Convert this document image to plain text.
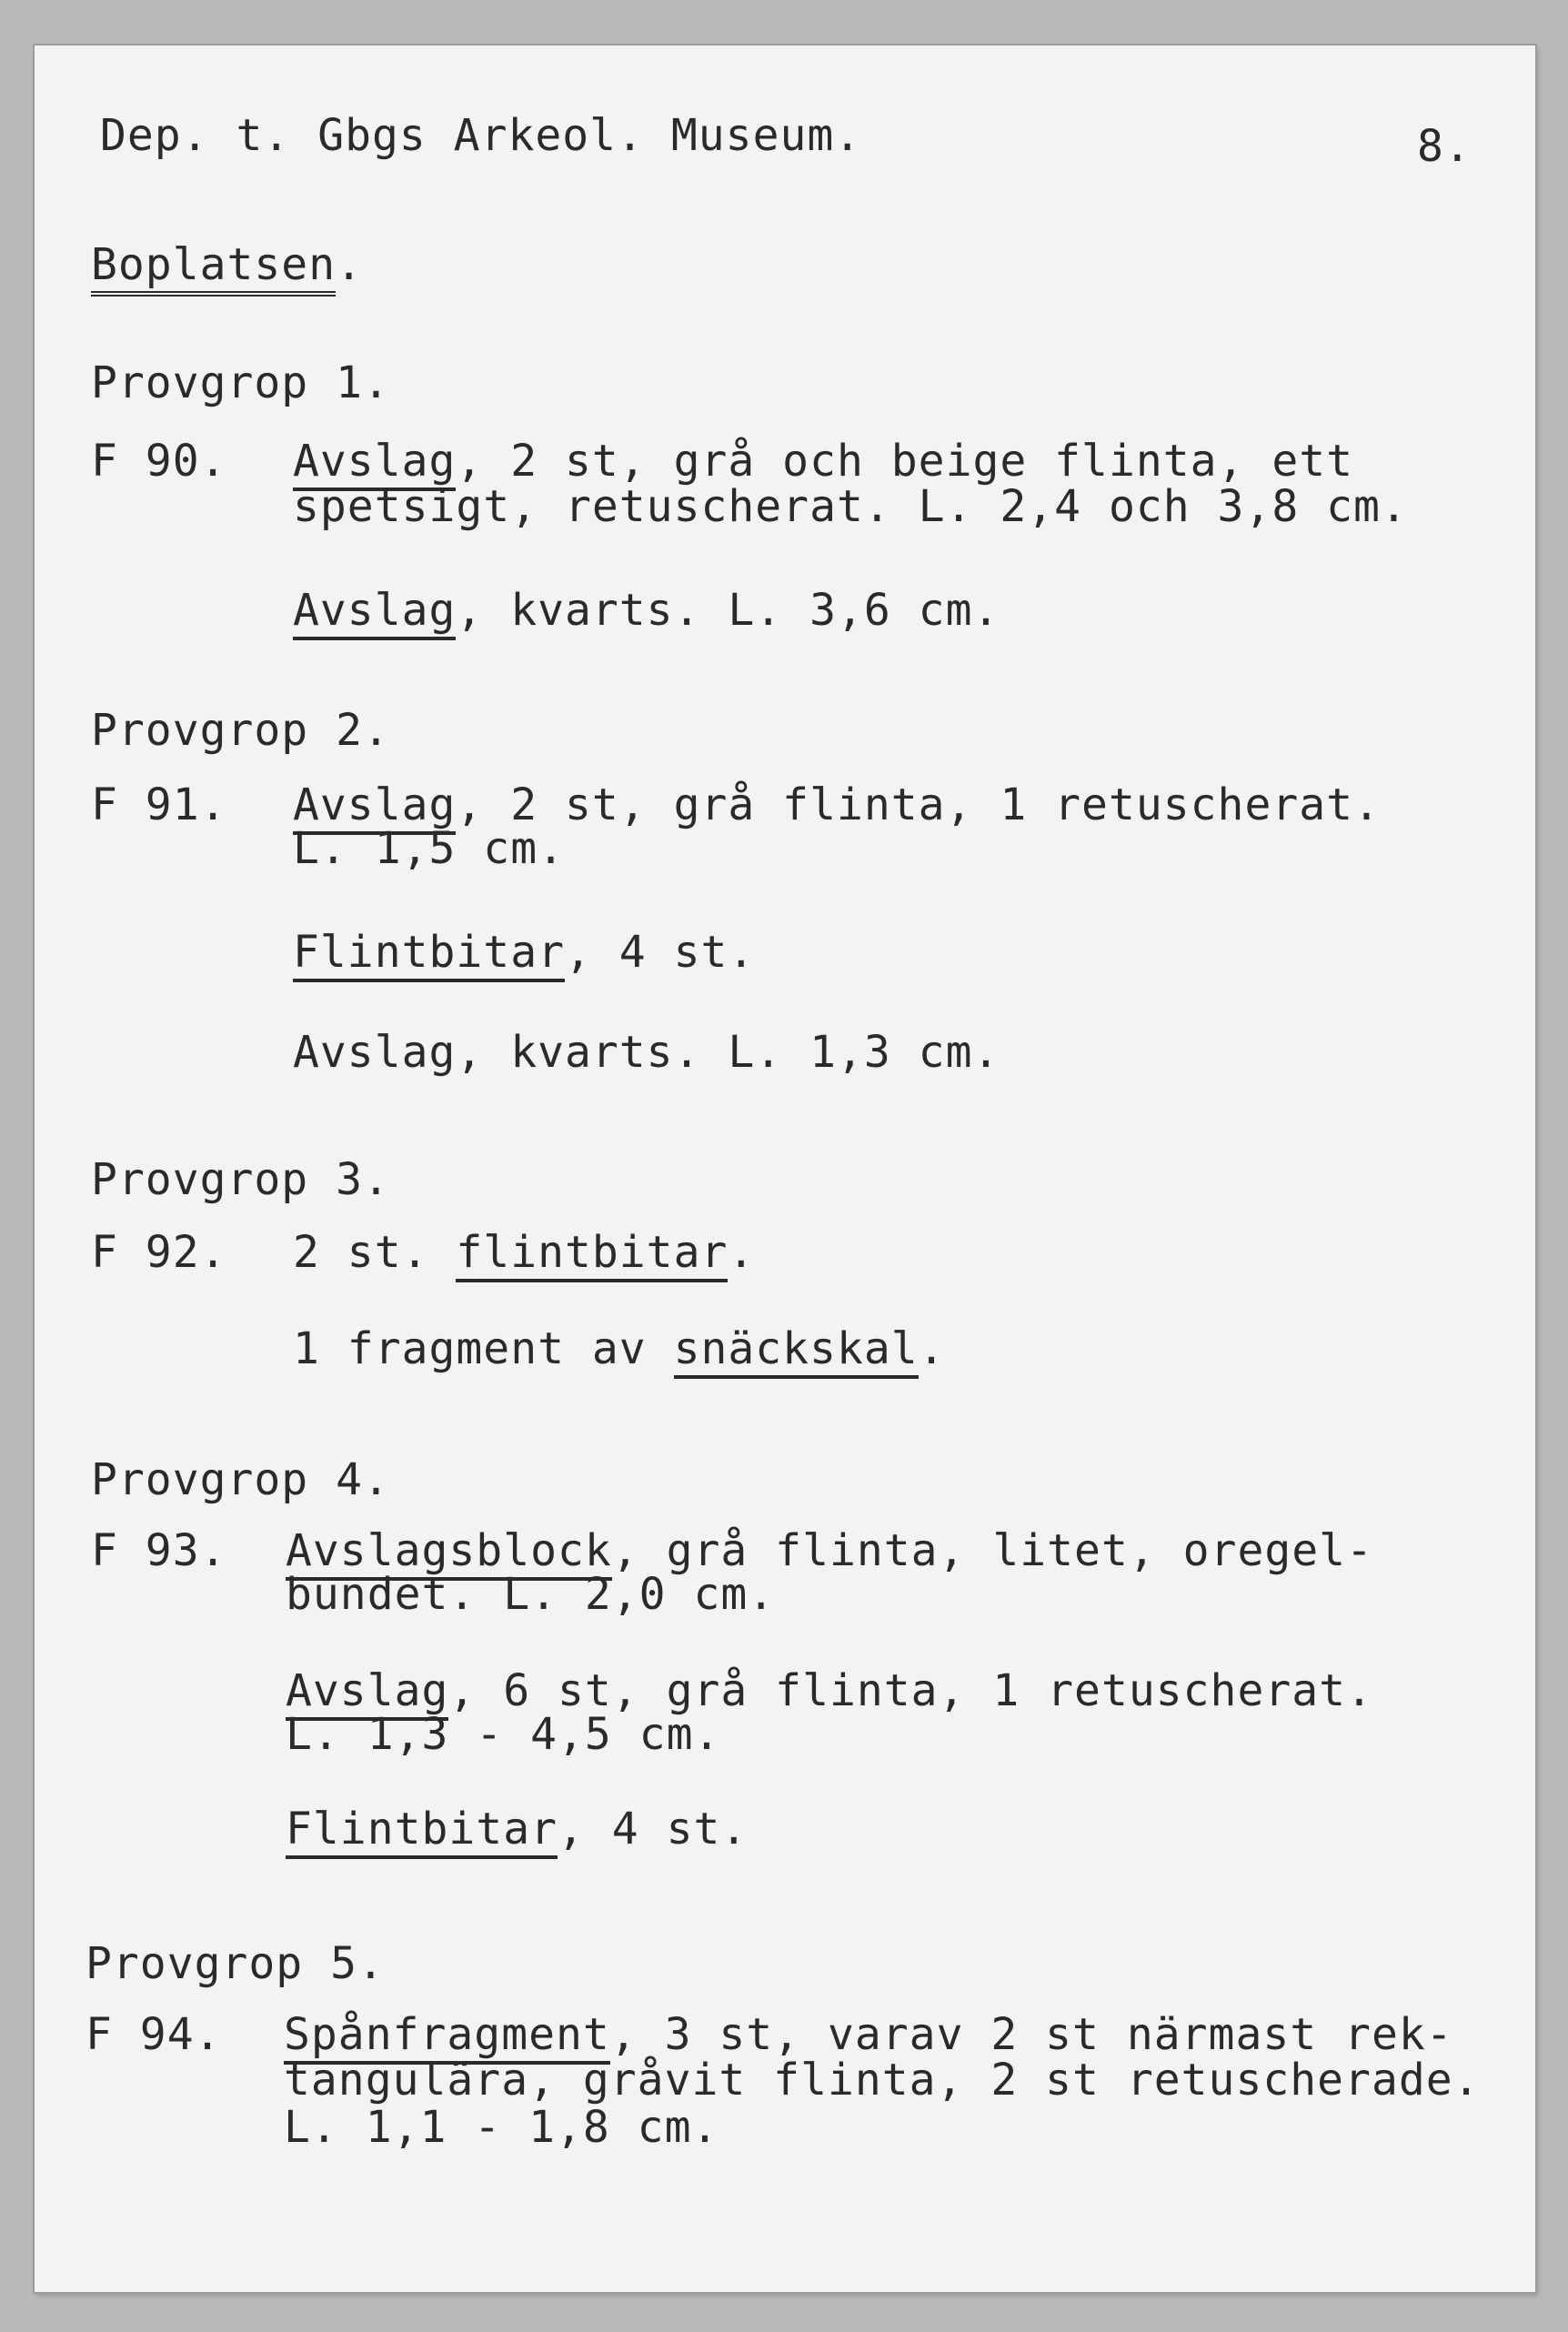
Dep. t. Gbgs Arkeol. Museum.	8.
Boplatsen.
Provgrop 1.
F 90. Avslag, 2 st, grå och beige flinta, ett
spetsigt, retuscherat. L. 2,4 och 3,8 cm.
Avslag, kvarts. L. 3,6 cm.
Provgrop 2.
F 91. Avslag, 2 st, grå flinta, 1 retuscherat.
L. 1,5 cm.
Flintbitar, 4 st.
Avslag, kvarts. L. 1,3 cm.
Provgrop 3.
F 92. 2 st. flintbitar.
1 fragment av snäckskal.
Provgrop 4.
F 93. Avslagsblock, grå flinta, litet, oregel-
bundet. L. 2,0 cm.
Avslag, 6 st, grå flinta, 1 retuscherat.
L. 1,3 - 4,5 cm.
Flintbitar, 4 st.
Provgrop 5.
F 94. Spånfragment, 3 st, varav 2 st närmast rek-
tangulära, gråvit flinta, 2 st retuscherade.
L. 1,1 - 1,8 cm.
